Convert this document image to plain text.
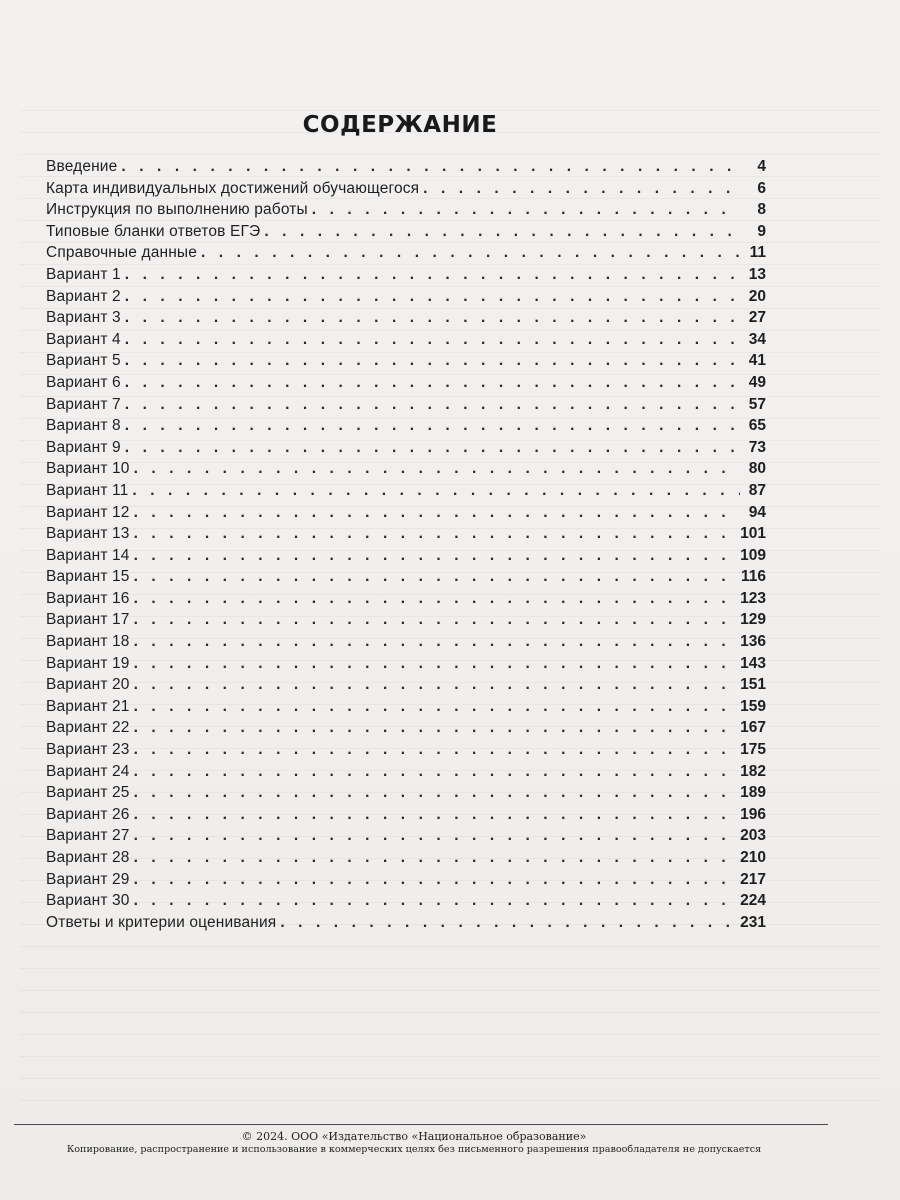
СОДЕРЖАНИЕ
Введение . . .	4
Карта индивидуальных достижений обучающегося . . .	6
Инструкция по выполнению работы . . .	8
Типовые бланки ответов ЕГЭ . . .	9
Справочные данные . . .	11
Вариант 1 . . .	13
Вариант 2 . . .	20
Вариант 3 . . .	27
Вариант 4 . . .	34
Вариант 5 . . .	41
Вариант 6 . . .	49
Вариант 7 . . .	57
Вариант 8 . . .	65
Вариант 9 . . .	73
Вариант 10 . . .	80
Вариант 11 . . .	87
Вариант 12 . . .	94
Вариант 13 . . .	101
Вариант 14 . . .	109
Вариант 15 . . .	116
Вариант 16 . . .	123
Вариант 17 . . .	129
Вариант 18 . . .	136
Вариант 19 . . .	143
Вариант 20 . . .	151
Вариант 21 . . .	159
Вариант 22 . . .	167
Вариант 23 . . .	175
Вариант 24 . . .	182
Вариант 25 . . .	189
Вариант 26 . . .	196
Вариант 27 . . .	203
Вариант 28 . . .	210
Вариант 29 . . .	217
Вариант 30 . . .	224
Ответы и критерии оценивания . . .	231
© 2024. ООО «Издательство «Национальное образование»
Копирование, распространение и использование в коммерческих целях без письменного разрешения правообладателя не допускается
